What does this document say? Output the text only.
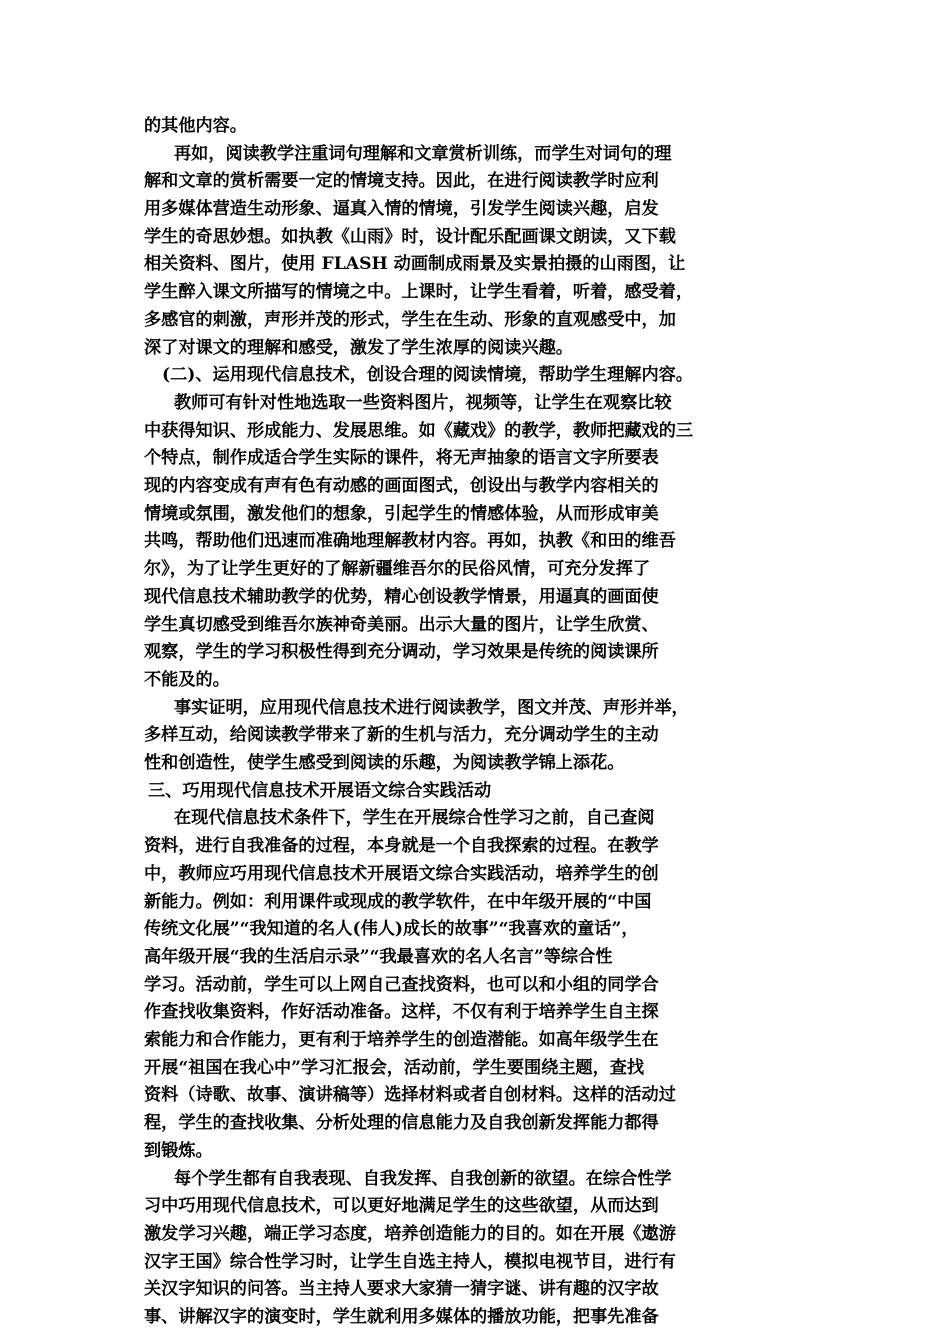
的其他内容。
再如，阅读教学注重词句理解和文章赏析训练，而学生对词句的理
解和文章的赏析需要一定的情境支持。因此，在进行阅读教学时应利
用多媒体营造生动形象、逼真入情的情境，引发学生阅读兴趣，启发
学生的奇思妙想。如执教《山雨》时，设计配乐配画课文朗读，又下载
相关资料、图片，使用 FLASH 动画制成雨景及实景拍摄的山雨图，让
学生醉入课文所描写的情境之中。上课时，让学生看着，听着，感受着，
多感官的刺激，声形并茂的形式，学生在生动、形象的直观感受中，加
深了对课文的理解和感受，激发了学生浓厚的阅读兴趣。
(二)、运用现代信息技术，创设合理的阅读情境，帮助学生理解内容。
教师可有针对性地选取一些资料图片，视频等，让学生在观察比较
中获得知识、形成能力、发展思维。如《藏戏》的教学，教师把藏戏的三
个特点，制作成适合学生实际的课件，将无声抽象的语言文字所要表
现的内容变成有声有色有动感的画面图式，创设出与教学内容相关的
情境或氛围，激发他们的想象，引起学生的情感体验，从而形成审美
共鸣，帮助他们迅速而准确地理解教材内容。再如，执教《和田的维吾
尔》，为了让学生更好的了解新疆维吾尔的民俗风情，可充分发挥了
现代信息技术辅助教学的优势，精心创设教学情景，用逼真的画面使
学生真切感受到维吾尔族神奇美丽。出示大量的图片，让学生欣赏、
观察，学生的学习积极性得到充分调动，学习效果是传统的阅读课所
不能及的。
事实证明，应用现代信息技术进行阅读教学，图文并茂、声形并举，
多样互动，给阅读教学带来了新的生机与活力，充分调动学生的主动
性和创造性，使学生感受到阅读的乐趣，为阅读教学锦上添花。
三、巧用现代信息技术开展语文综合实践活动
在现代信息技术条件下，学生在开展综合性学习之前，自己查阅
资料，进行自我准备的过程，本身就是一个自我探索的过程。在教学
中，教师应巧用现代信息技术开展语文综合实践活动，培养学生的创
新能力。例如：利用课件或现成的教学软件，在中年级开展的“中国
传统文化展”“我知道的名人(伟人)成长的故事”“我喜欢的童话”，
高年级开展“我的生活启示录”“我最喜欢的名人名言”等综合性
学习。活动前，学生可以上网自己查找资料，也可以和小组的同学合
作查找收集资料，作好活动准备。这样，不仅有利于培养学生自主探
索能力和合作能力，更有利于培养学生的创造潜能。如高年级学生在
开展“祖国在我心中”学习汇报会，活动前，学生要围绕主题，查找
资料（诗歌、故事、演讲稿等）选择材料或者自创材料。这样的活动过
程，学生的查找收集、分析处理的信息能力及自我创新发挥能力都得
到锻炼。
每个学生都有自我表现、自我发挥、自我创新的欲望。在综合性学
习中巧用现代信息技术，可以更好地满足学生的这些欲望，从而达到
激发学习兴趣，端正学习态度，培养创造能力的目的。如在开展《遨游
汉字王国》综合性学习时，让学生自选主持人，模拟电视节目，进行有
关汉字知识的问答。当主持人要求大家猜一猜字谜、讲有趣的汉字故
事、讲解汉字的演变时，学生就利用多媒体的播放功能，把事先准备
